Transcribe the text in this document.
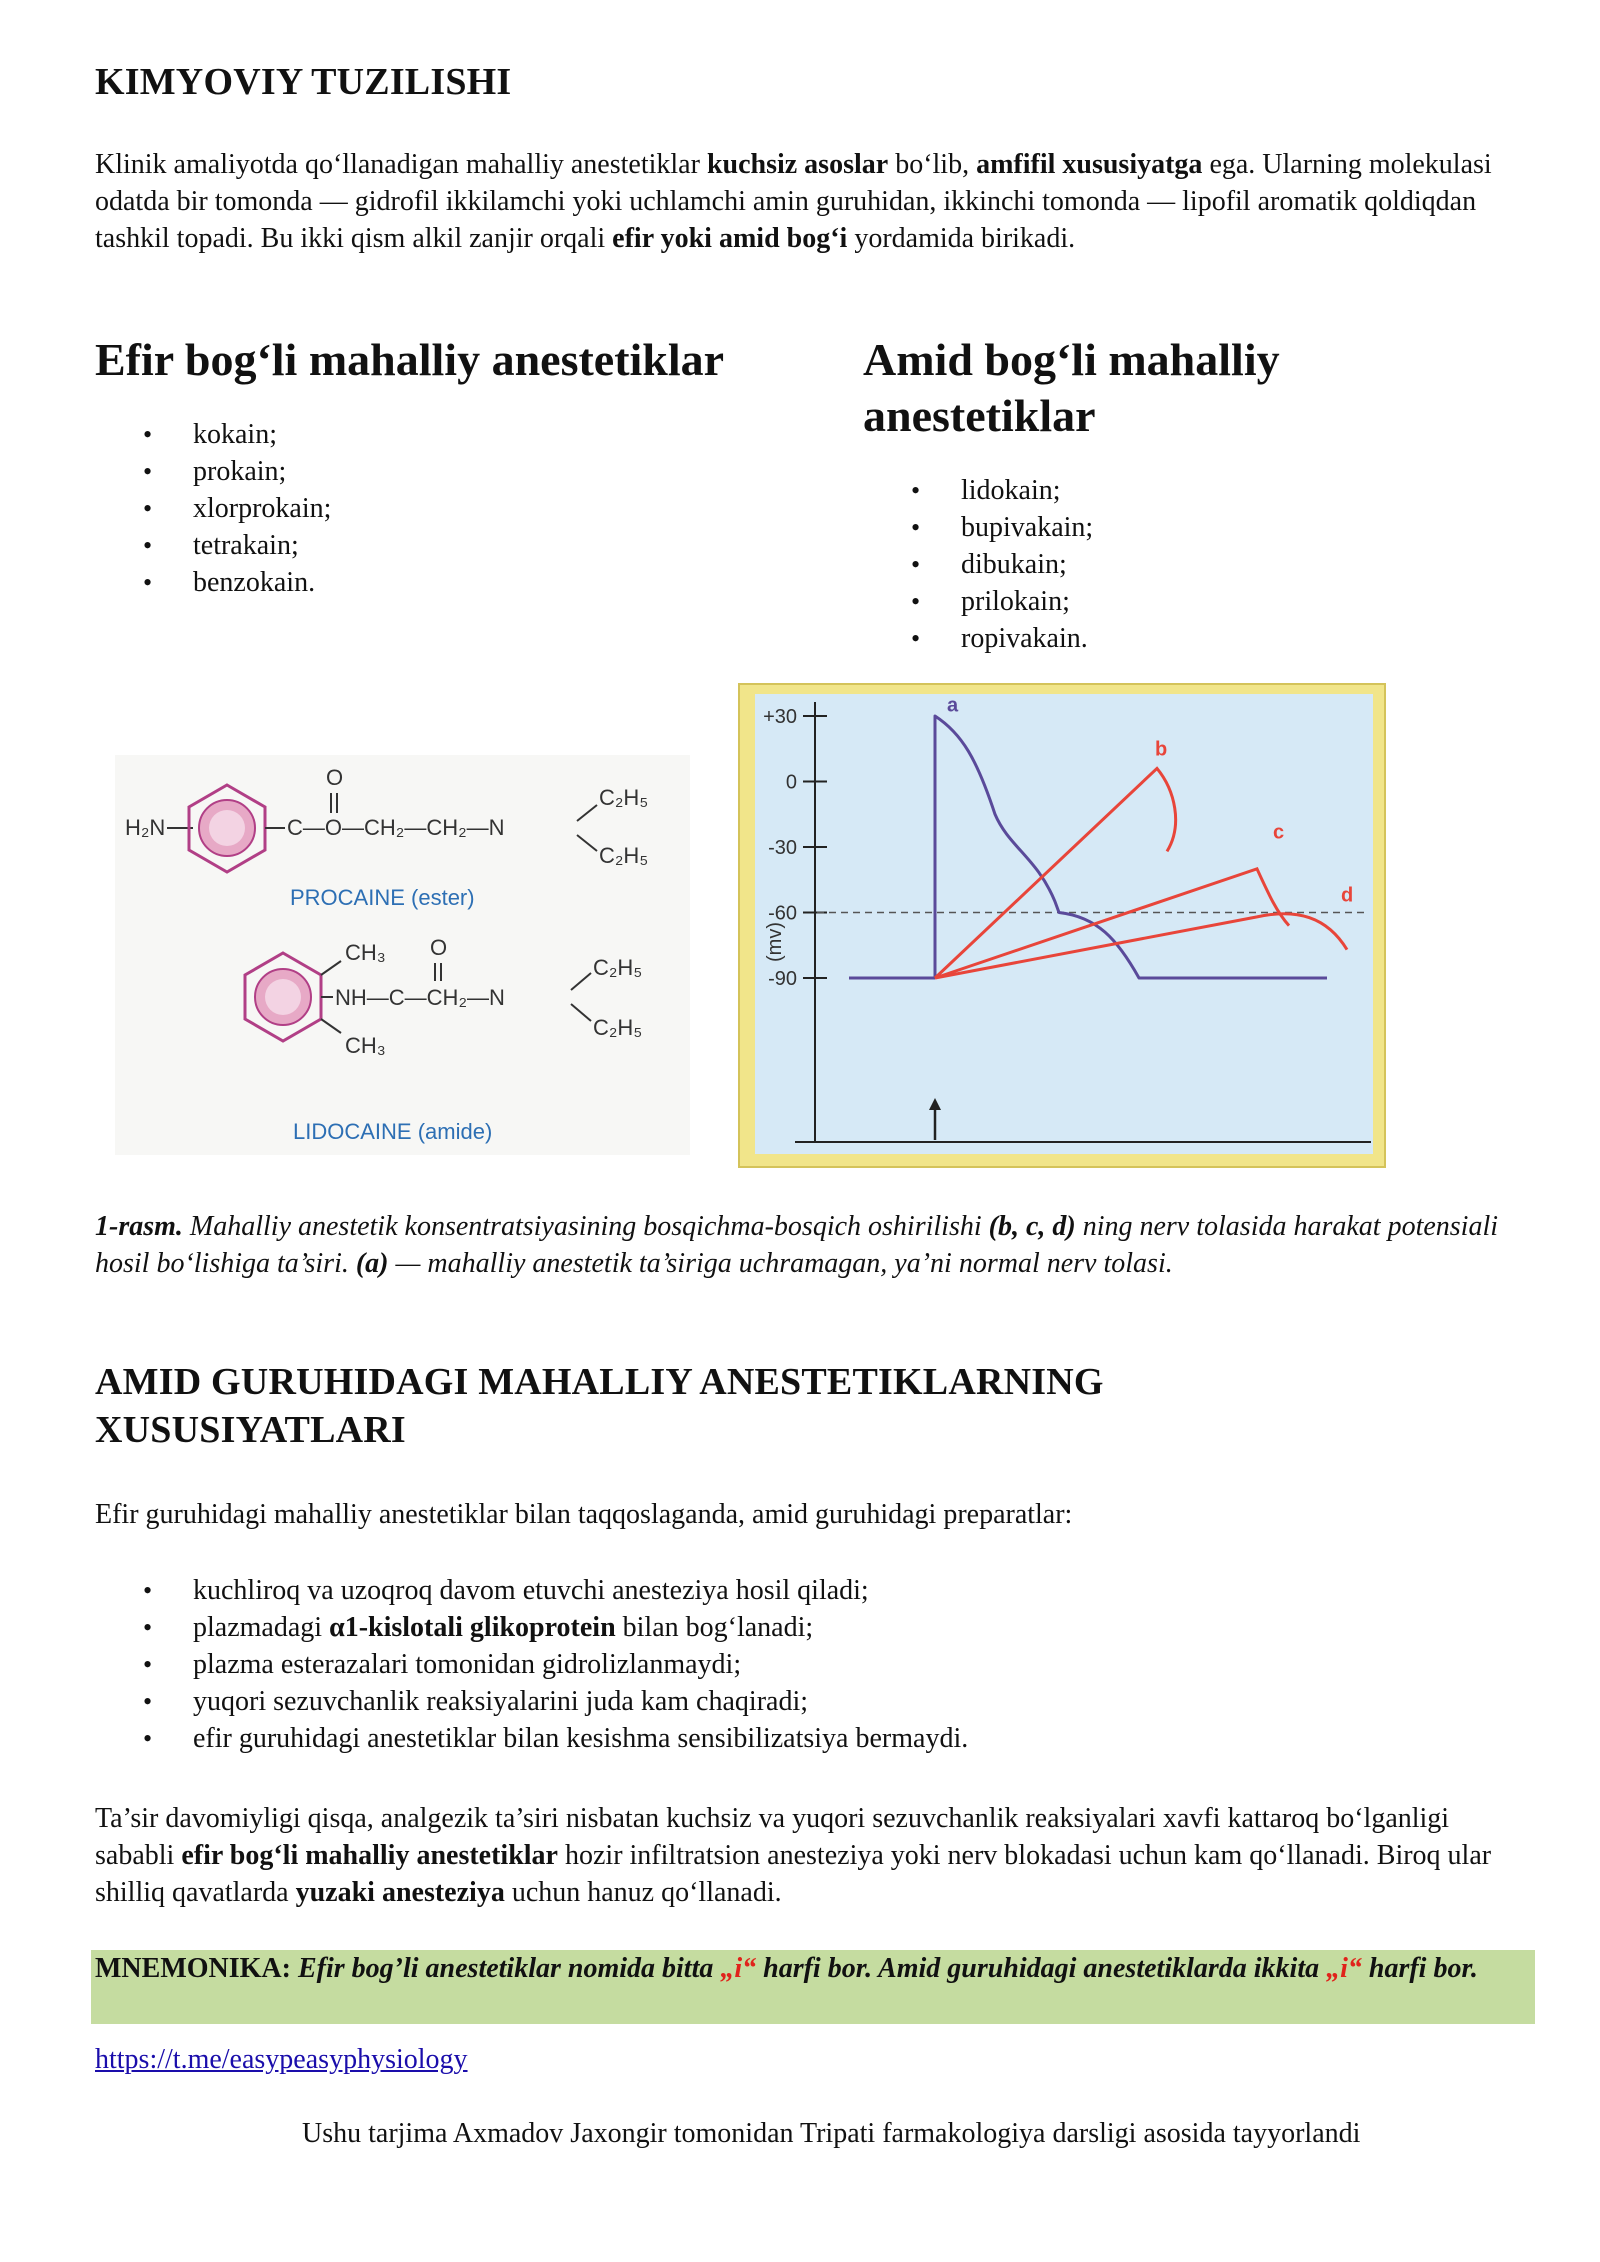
KIMYOVIY TUZILISHI

Klinik amaliyotda qo‘llanadigan mahalliy anestetiklar kuchsiz asoslar bo‘lib, amfifil xususiyatga ega. Ularning molekulasi odatda bir tomonda — gidrofil ikkilamchi yoki uchlamchi amin guruhidan, ikkinchi tomonda — lipofil aromatik qoldiqdan tashkil topadi. Bu ikki qism alkil zanjir orqali efir yoki amid bog‘i yordamida birikadi.

Efir bog‘li mahalliy anestetiklar
• kokain;
• prokain;
• xlorprokain;
• tetrakain;
• benzokain.
Amid bog‘li mahalliy anestetiklar
• lidokain;
• bupivakain;
• dibukain;
• prilokain;
• ropivakain.
H₂N
O
C—O—CH₂—CH₂—N
C₂H₅
C₂H₅
PROCAINE (ester)
CH₃
CH₃
O
NH—C—CH₂—N
C₂H₅
C₂H₅
LIDOCAINE (amide)
+30
0
-30
-60
-90
(mv)
a
b
c
d

1-rasm. Mahalliy anestetik konsentratsiyasining bosqichma-bosqich oshirilishi (b, c, d) ning nerv tolasida harakat potensiali hosil bo‘lishiga ta’siri. (a) — mahalliy anestetik ta’siriga uchramagan, ya’ni normal nerv tolasi.

AMID GURUHIDAGI MAHALLIY ANESTETIKLARNING XUSUSIYATLARI

Efir guruhidagi mahalliy anestetiklar bilan taqqoslaganda, amid guruhidagi preparatlar:

• kuchliroq va uzoqroq davom etuvchi anesteziya hosil qiladi;
• plazmadagi α1-kislotali glikoprotein bilan bog‘lanadi;
• plazma esterazalari tomonidan gidrolizlanmaydi;
• yuqori sezuvchanlik reaksiyalarini juda kam chaqiradi;
• efir guruhidagi anestetiklar bilan kesishma sensibilizatsiya bermaydi.

Ta’sir davomiyligi qisqa, analgezik ta’siri nisbatan kuchsiz va yuqori sezuvchanlik reaksiyalari xavfi kattaroq bo‘lganligi sababli efir bog‘li mahalliy anestetiklar hozir infiltratsion anesteziya yoki nerv blokadasi uchun kam qo‘llanadi. Biroq ular shilliq qavatlarda yuzaki anesteziya uchun hanuz qo‘llanadi.

MNEMONIKA: Efir bog’li anestetiklar nomida bitta „i“ harfi bor. Amid guruhidagi anestetiklarda ikkita „i“ harfi bor.
https://t.me/easypeasyphysiology

Ushu tarjima Axmadov Jaxongir tomonidan Tripati farmakologiya darsligi asosida tayyorlandi
